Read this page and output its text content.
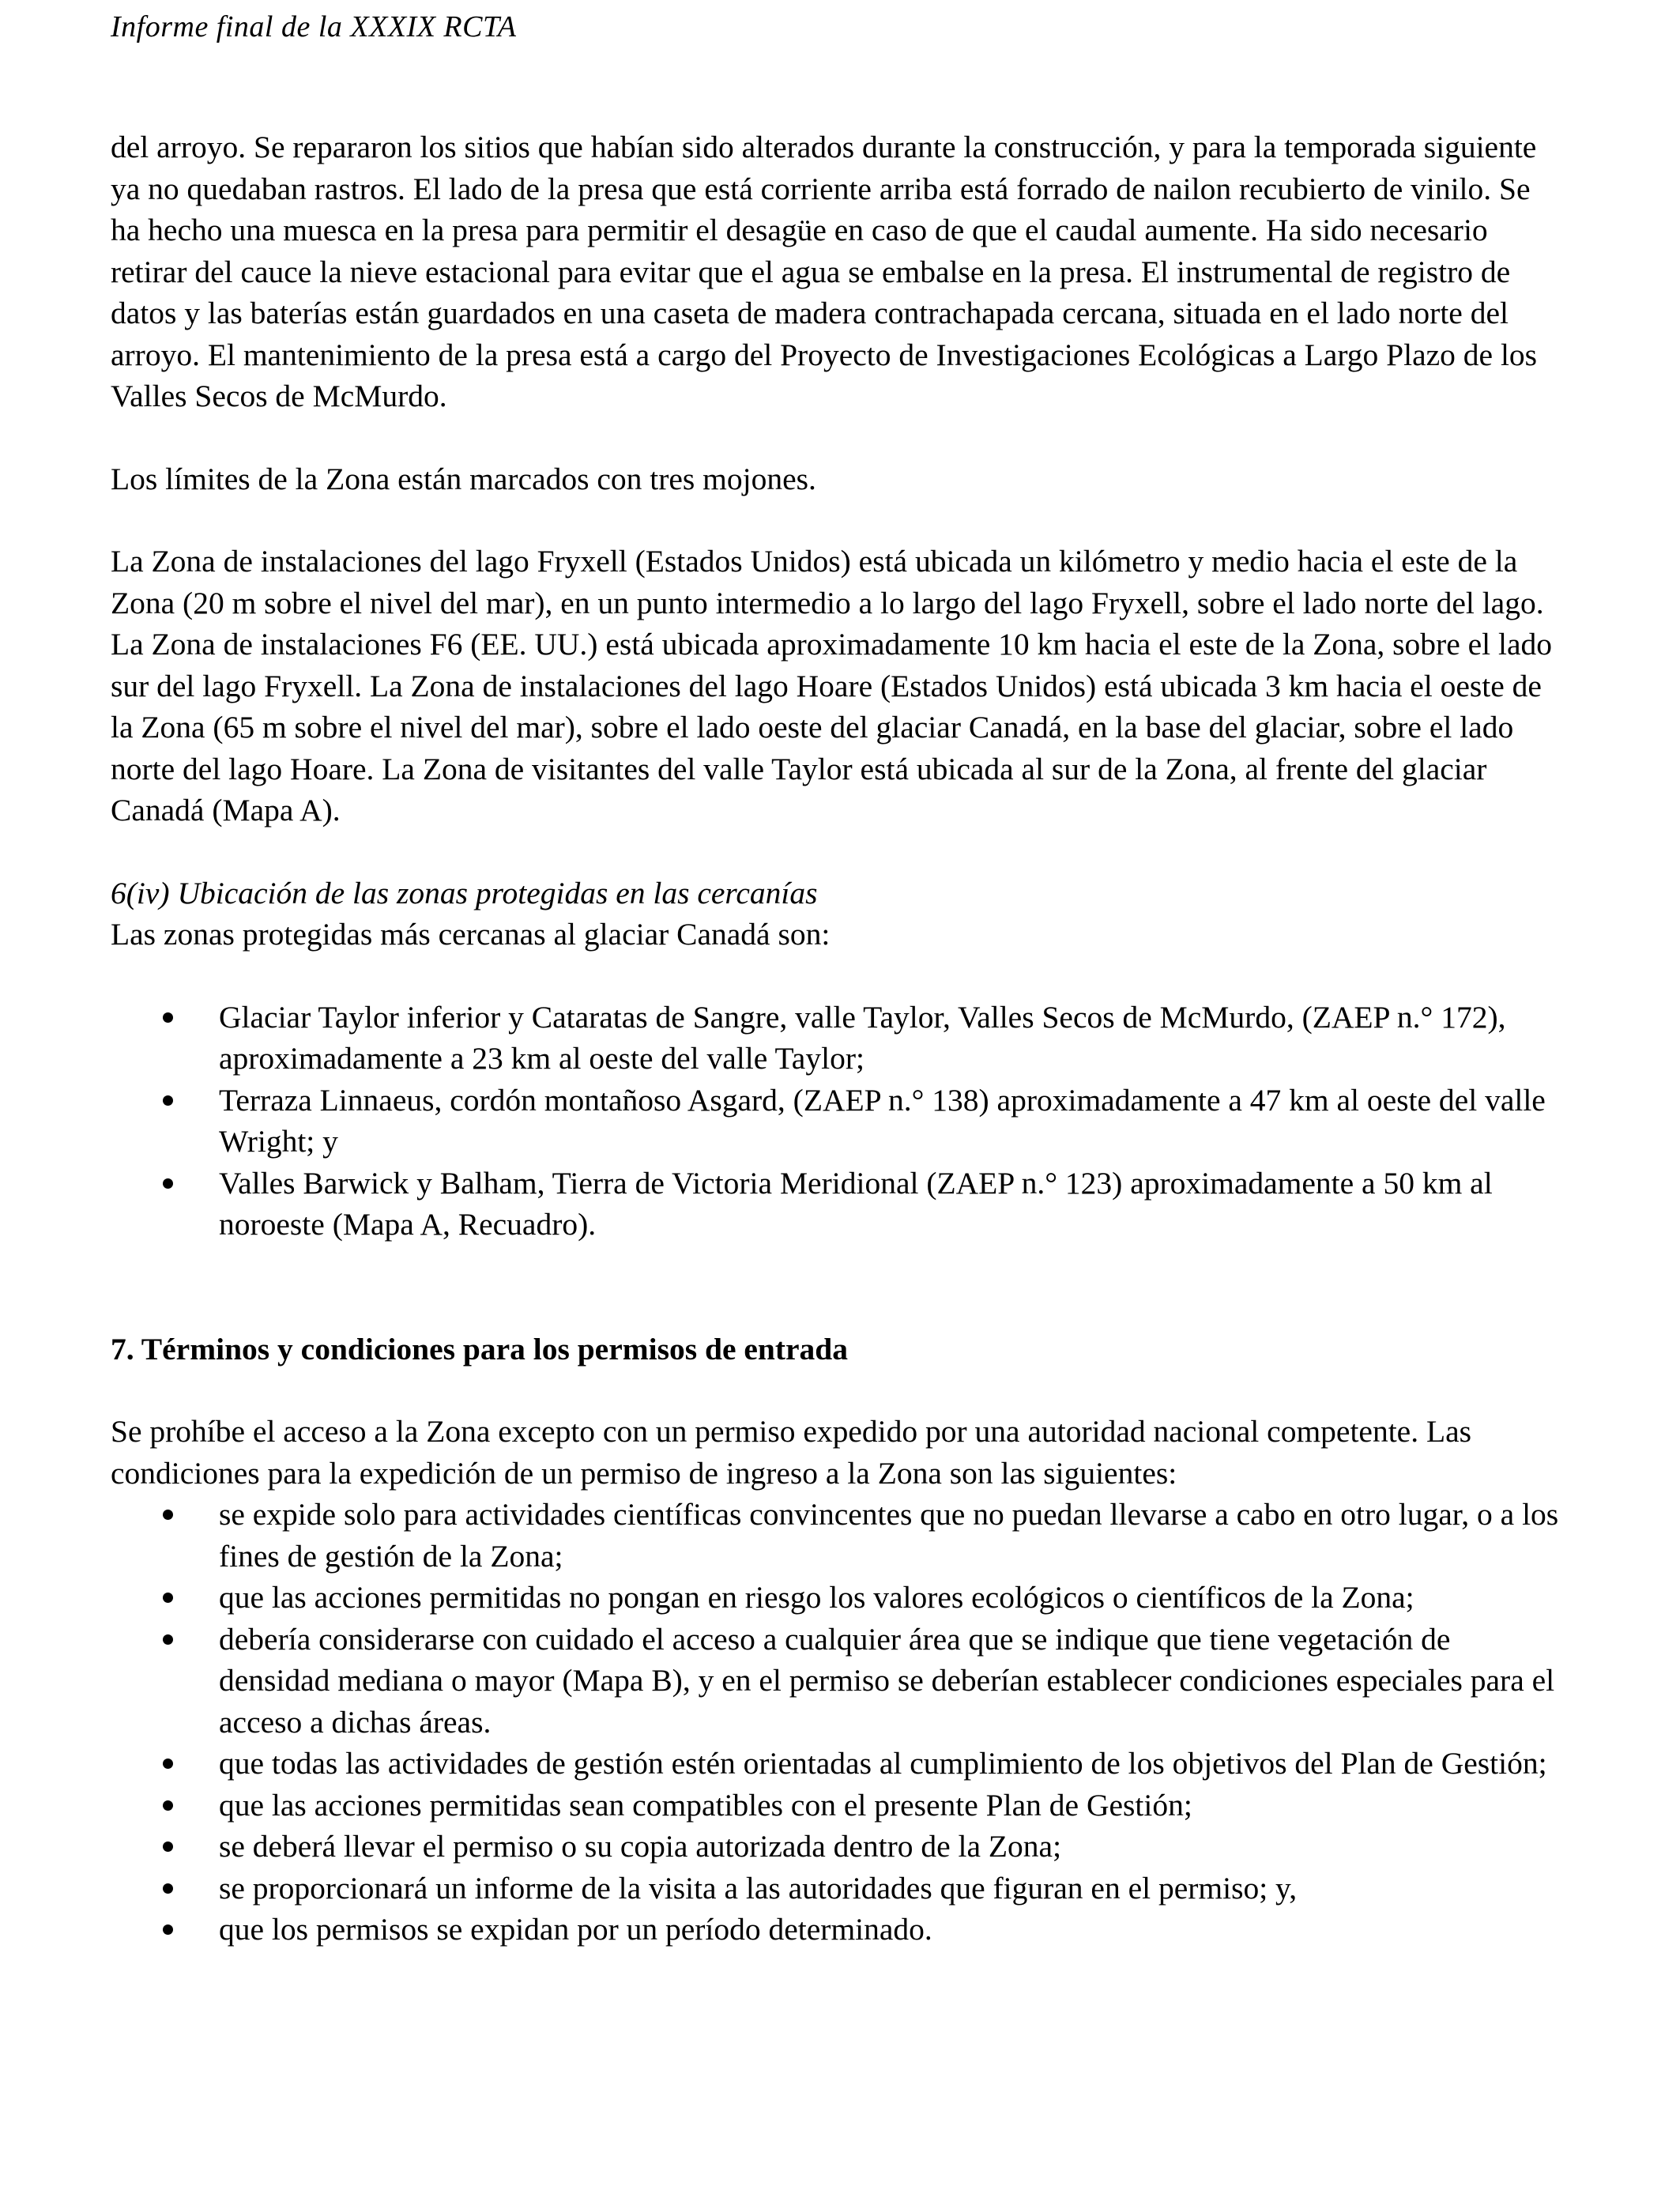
Informe final de la XXXIX RCTA

del arroyo. Se repararon los sitios que habían sido alterados durante la construcción, y para la temporada siguiente ya no quedaban rastros. El lado de la presa que está corriente arriba está forrado de nailon recubierto de vinilo. Se ha hecho una muesca en la presa para permitir el desagüe en caso de que el caudal aumente. Ha sido necesario retirar del cauce la nieve estacional para evitar que el agua se embalse en la presa. El instrumental de registro de datos y las baterías están guardados en una caseta de madera contrachapada cercana, situada en el lado norte del arroyo. El mantenimiento de la presa está a cargo del Proyecto de Investigaciones Ecológicas a Largo Plazo de los Valles Secos de McMurdo.

Los límites de la Zona están marcados con tres mojones.

La Zona de instalaciones del lago Fryxell (Estados Unidos) está ubicada un kilómetro y medio hacia el este de la Zona (20 m sobre el nivel del mar), en un punto intermedio a lo largo del lago Fryxell, sobre el lado norte del lago. La Zona de instalaciones F6 (EE. UU.) está ubicada aproximadamente 10 km hacia el este de la Zona, sobre el lado sur del lago Fryxell. La Zona de instalaciones del lago Hoare (Estados Unidos) está ubicada 3 km hacia el oeste de la Zona (65 m sobre el nivel del mar), sobre el lado oeste del glaciar Canadá, en la base del glaciar, sobre el lado norte del lago Hoare. La Zona de visitantes del valle Taylor está ubicada al sur de la Zona, al frente del glaciar Canadá (Mapa A).

6(iv) Ubicación de las zonas protegidas en las cercanías

Las zonas protegidas más cercanas al glaciar Canadá son:

Glaciar Taylor inferior y Cataratas de Sangre, valle Taylor, Valles Secos de McMurdo, (ZAEP n.° 172), aproximadamente a 23 km al oeste del valle Taylor;
Terraza Linnaeus, cordón montañoso Asgard, (ZAEP n.° 138) aproximadamente a 47 km al oeste del valle Wright; y
Valles Barwick y Balham, Tierra de Victoria Meridional (ZAEP n.° 123) aproximadamente a 50 km al noroeste (Mapa A, Recuadro).

7. Términos y condiciones para los permisos de entrada

Se prohíbe el acceso a la Zona excepto con un permiso expedido por una autoridad nacional competente. Las condiciones para la expedición de un permiso de ingreso a la Zona son las siguientes:

se expide solo para actividades científicas convincentes que no puedan llevarse a cabo en otro lugar, o a los fines de gestión de la Zona;
que las acciones permitidas no pongan en riesgo los valores ecológicos o científicos de la Zona;
debería considerarse con cuidado el acceso a cualquier área que se indique que tiene vegetación de densidad mediana o mayor (Mapa B), y en el permiso se deberían establecer condiciones especiales para el acceso a dichas áreas.
que todas las actividades de gestión estén orientadas al cumplimiento de los objetivos del Plan de Gestión;
que las acciones permitidas sean compatibles con el presente Plan de Gestión;
se deberá llevar el permiso o su copia autorizada dentro de la Zona;
se proporcionará un informe de la visita a las autoridades que figuran en el permiso; y,
que los permisos se expidan por un período determinado.
